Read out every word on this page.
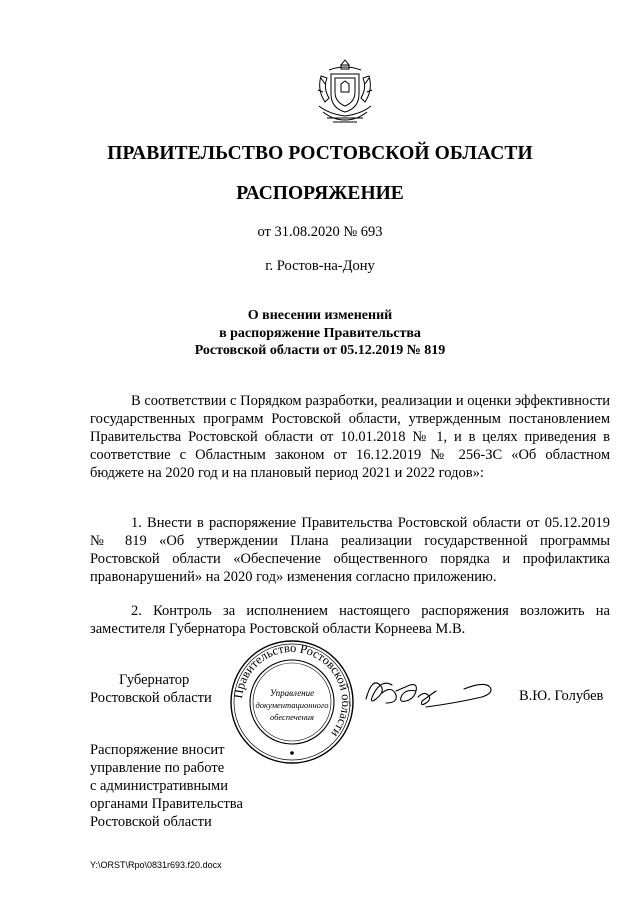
ПРАВИТЕЛЬСТВО РОСТОВСКОЙ ОБЛАСТИ
РАСПОРЯЖЕНИЕ
от 31.08.2020 № 693
г. Ростов-на-Дону
О внесении изменений
в распоряжение Правительства
Ростовской области от 05.12.2019 № 819
В соответствии с Порядком разработки, реализации и оценки эффективности государственных программ Ростовской области, утвержденным постановлением Правительства Ростовской области от 10.01.2018 № 1, и в целях приведения в соответствие с Областным законом от 16.12.2019 № 256-ЗС «Об областном бюджете на 2020 год и на плановый период 2021 и 2022 годов»:
1. Внести в распоряжение Правительства Ростовской области от 05.12.2019 № 819 «Об утверждении Плана реализации государственной программы Ростовской области «Обеспечение общественного порядка и профилактика правонарушений» на 2020 год» изменения согласно приложению.
2. Контроль за исполнением настоящего распоряжения возложить на заместителя Губернатора Ростовской области Корнеева М.В.
Губернатор
Ростовской области Правительство Ростовской области
Управление
документационного
обеспечения
В.Ю. Голубев
Распоряжение вносит
управление по работе
с административными
органами Правительства
Ростовской области
Y:\ORST\Rpo\0831r693.f20.docx
